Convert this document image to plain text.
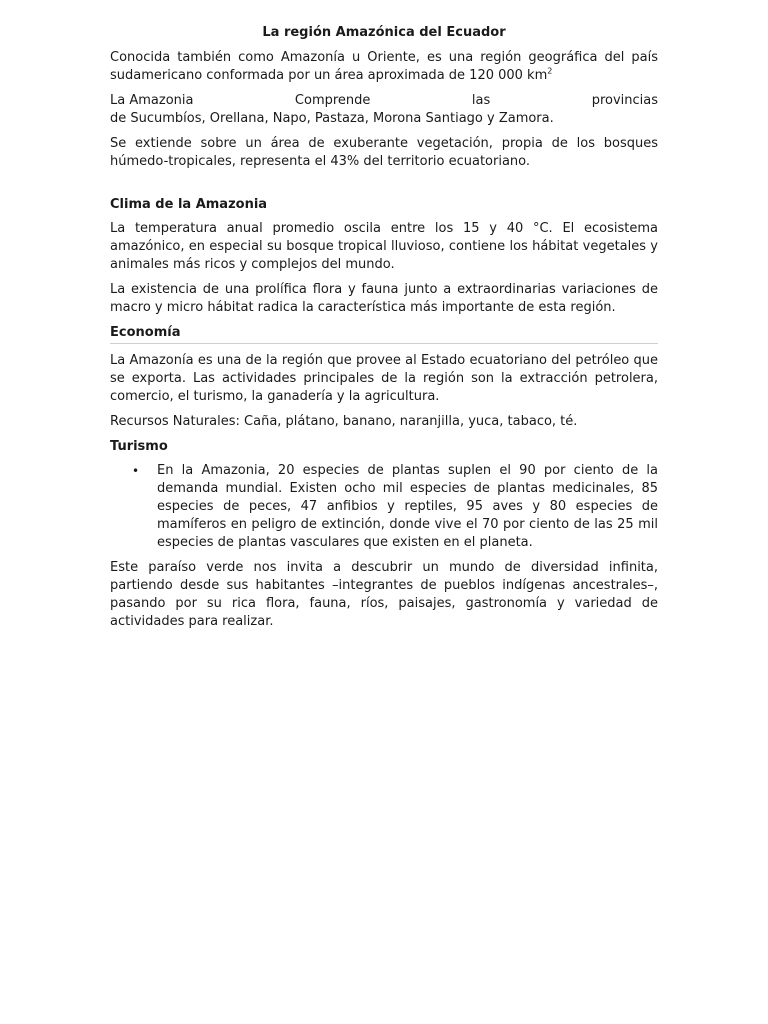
La región Amazónica del Ecuador

Conocida también como Amazonía u Oriente, es una región geográfica del país sudamericano conformada por un área aproximada de 120 000 $km^2$

La Amazonia	Comprende	las	provincias
de Sucumbíos, Orellana, Napo, Pastaza, Morona Santiago y Zamora.

Se extiende sobre un área de exuberante vegetación, propia de los bosques húmedo-tropicales, representa el 43% del territorio ecuatoriano.

Clima de la Amazonia

La temperatura anual promedio oscila entre los 15 y 40 °C. El ecosistema amazónico, en especial su bosque tropical lluvioso, contiene los hábitat vegetales y animales más ricos y complejos del mundo.

La existencia de una prolífica flora y fauna junto a extraordinarias variaciones de macro y micro hábitat radica la característica más importante de esta región.

Economía

La Amazonía es una de la región que provee al Estado ecuatoriano del petróleo que se exporta. Las actividades principales de la región son la extracción petrolera, comercio, el turismo, la ganadería y la agricultura.

Recursos Naturales: Caña, plátano, banano, naranjilla, yuca, tabaco, té.

Turismo
• En la Amazonia, 20 especies de plantas suplen el 90 por ciento de la demanda mundial. Existen ocho mil especies de plantas medicinales, 85 especies de peces, 47 anfibios y reptiles, 95 aves y 80 especies de mamíferos en peligro de extinción, donde vive el 70 por ciento de las 25 mil especies de plantas vasculares que existen en el planeta.

Este paraíso verde nos invita a descubrir un mundo de diversidad infinita, partiendo desde sus habitantes –integrantes de pueblos indígenas ancestrales–, pasando por su rica flora, fauna, ríos, paisajes, gastronomía y variedad de actividades para realizar.
